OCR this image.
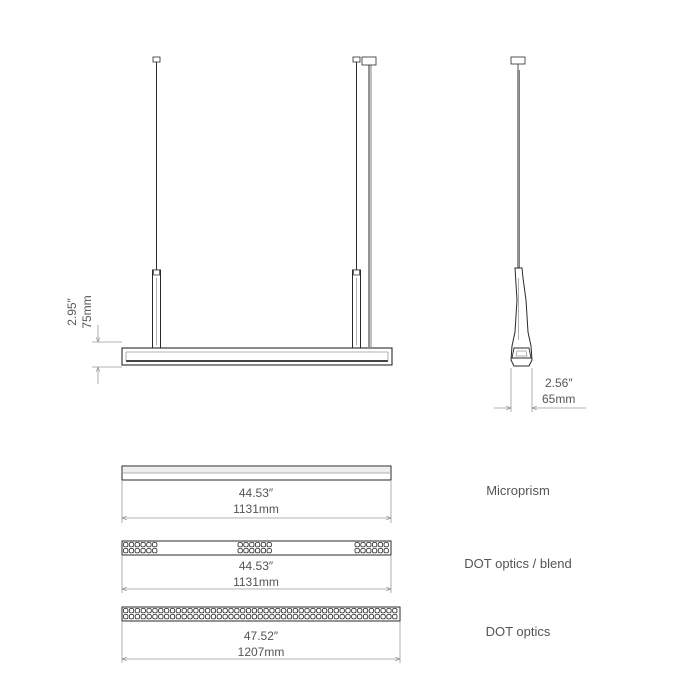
2.95″ 75mm
2.56″
65mm
44.53″
1131mm
Microprism
44.53″
1131mm
DOT optics / blend
47.52″
1207mm
DOT optics
